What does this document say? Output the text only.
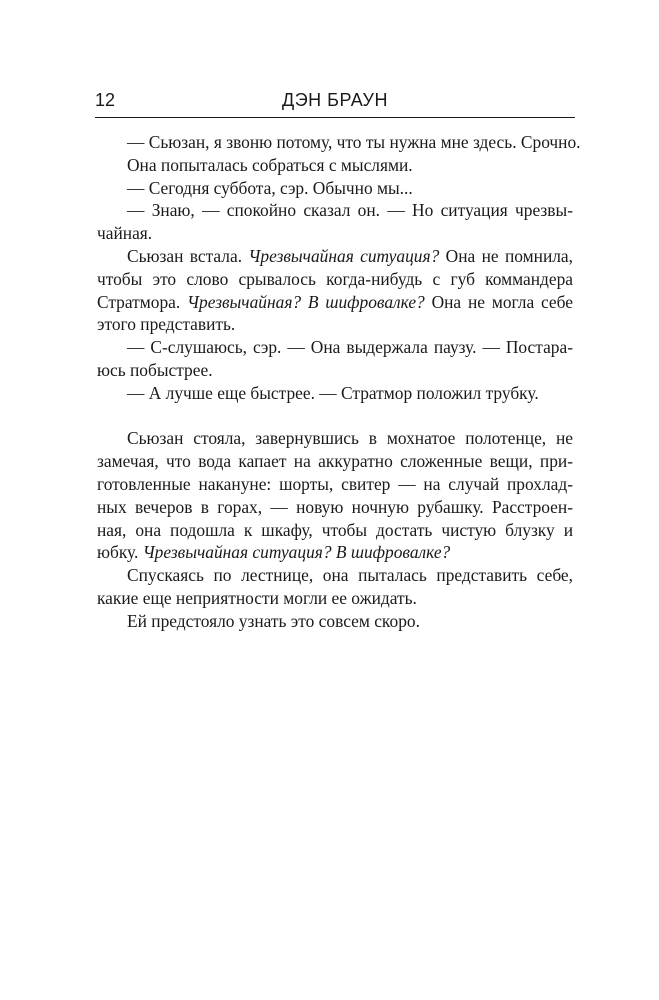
12	ДЭН БРАУН
— Сьюзан, я звоню потому, что ты нужна мне здесь. Срочно.
Она попыталась собраться с мыслями.
— Сегодня суббота, сэр. Обычно мы...
— Знаю, — спокойно сказал он. — Но ситуация чрезвы-
чайная.
Сьюзан встала. Чрезвычайная ситуация? Она не помнила,
чтобы это слово срывалось когда-нибудь с губ коммандера
Стратмора. Чрезвычайная? В шифровалке? Она не могла себе
этого представить.
— С-слушаюсь, сэр. — Она выдержала паузу. — Постара-
юсь побыстрее.
— А лучше еще быстрее. — Стратмор положил трубку.
Сьюзан стояла, завернувшись в мохнатое полотенце, не
замечая, что вода капает на аккуратно сложенные вещи, при-
готовленные накануне: шорты, свитер — на случай прохлад-
ных вечеров в горах, — новую ночную рубашку. Расстроен-
ная, она подошла к шкафу, чтобы достать чистую блузку и
юбку. Чрезвычайная ситуация? В шифровалке?
Спускаясь по лестнице, она пыталась представить себе,
какие еще неприятности могли ее ожидать.
Ей предстояло узнать это совсем скоро.
